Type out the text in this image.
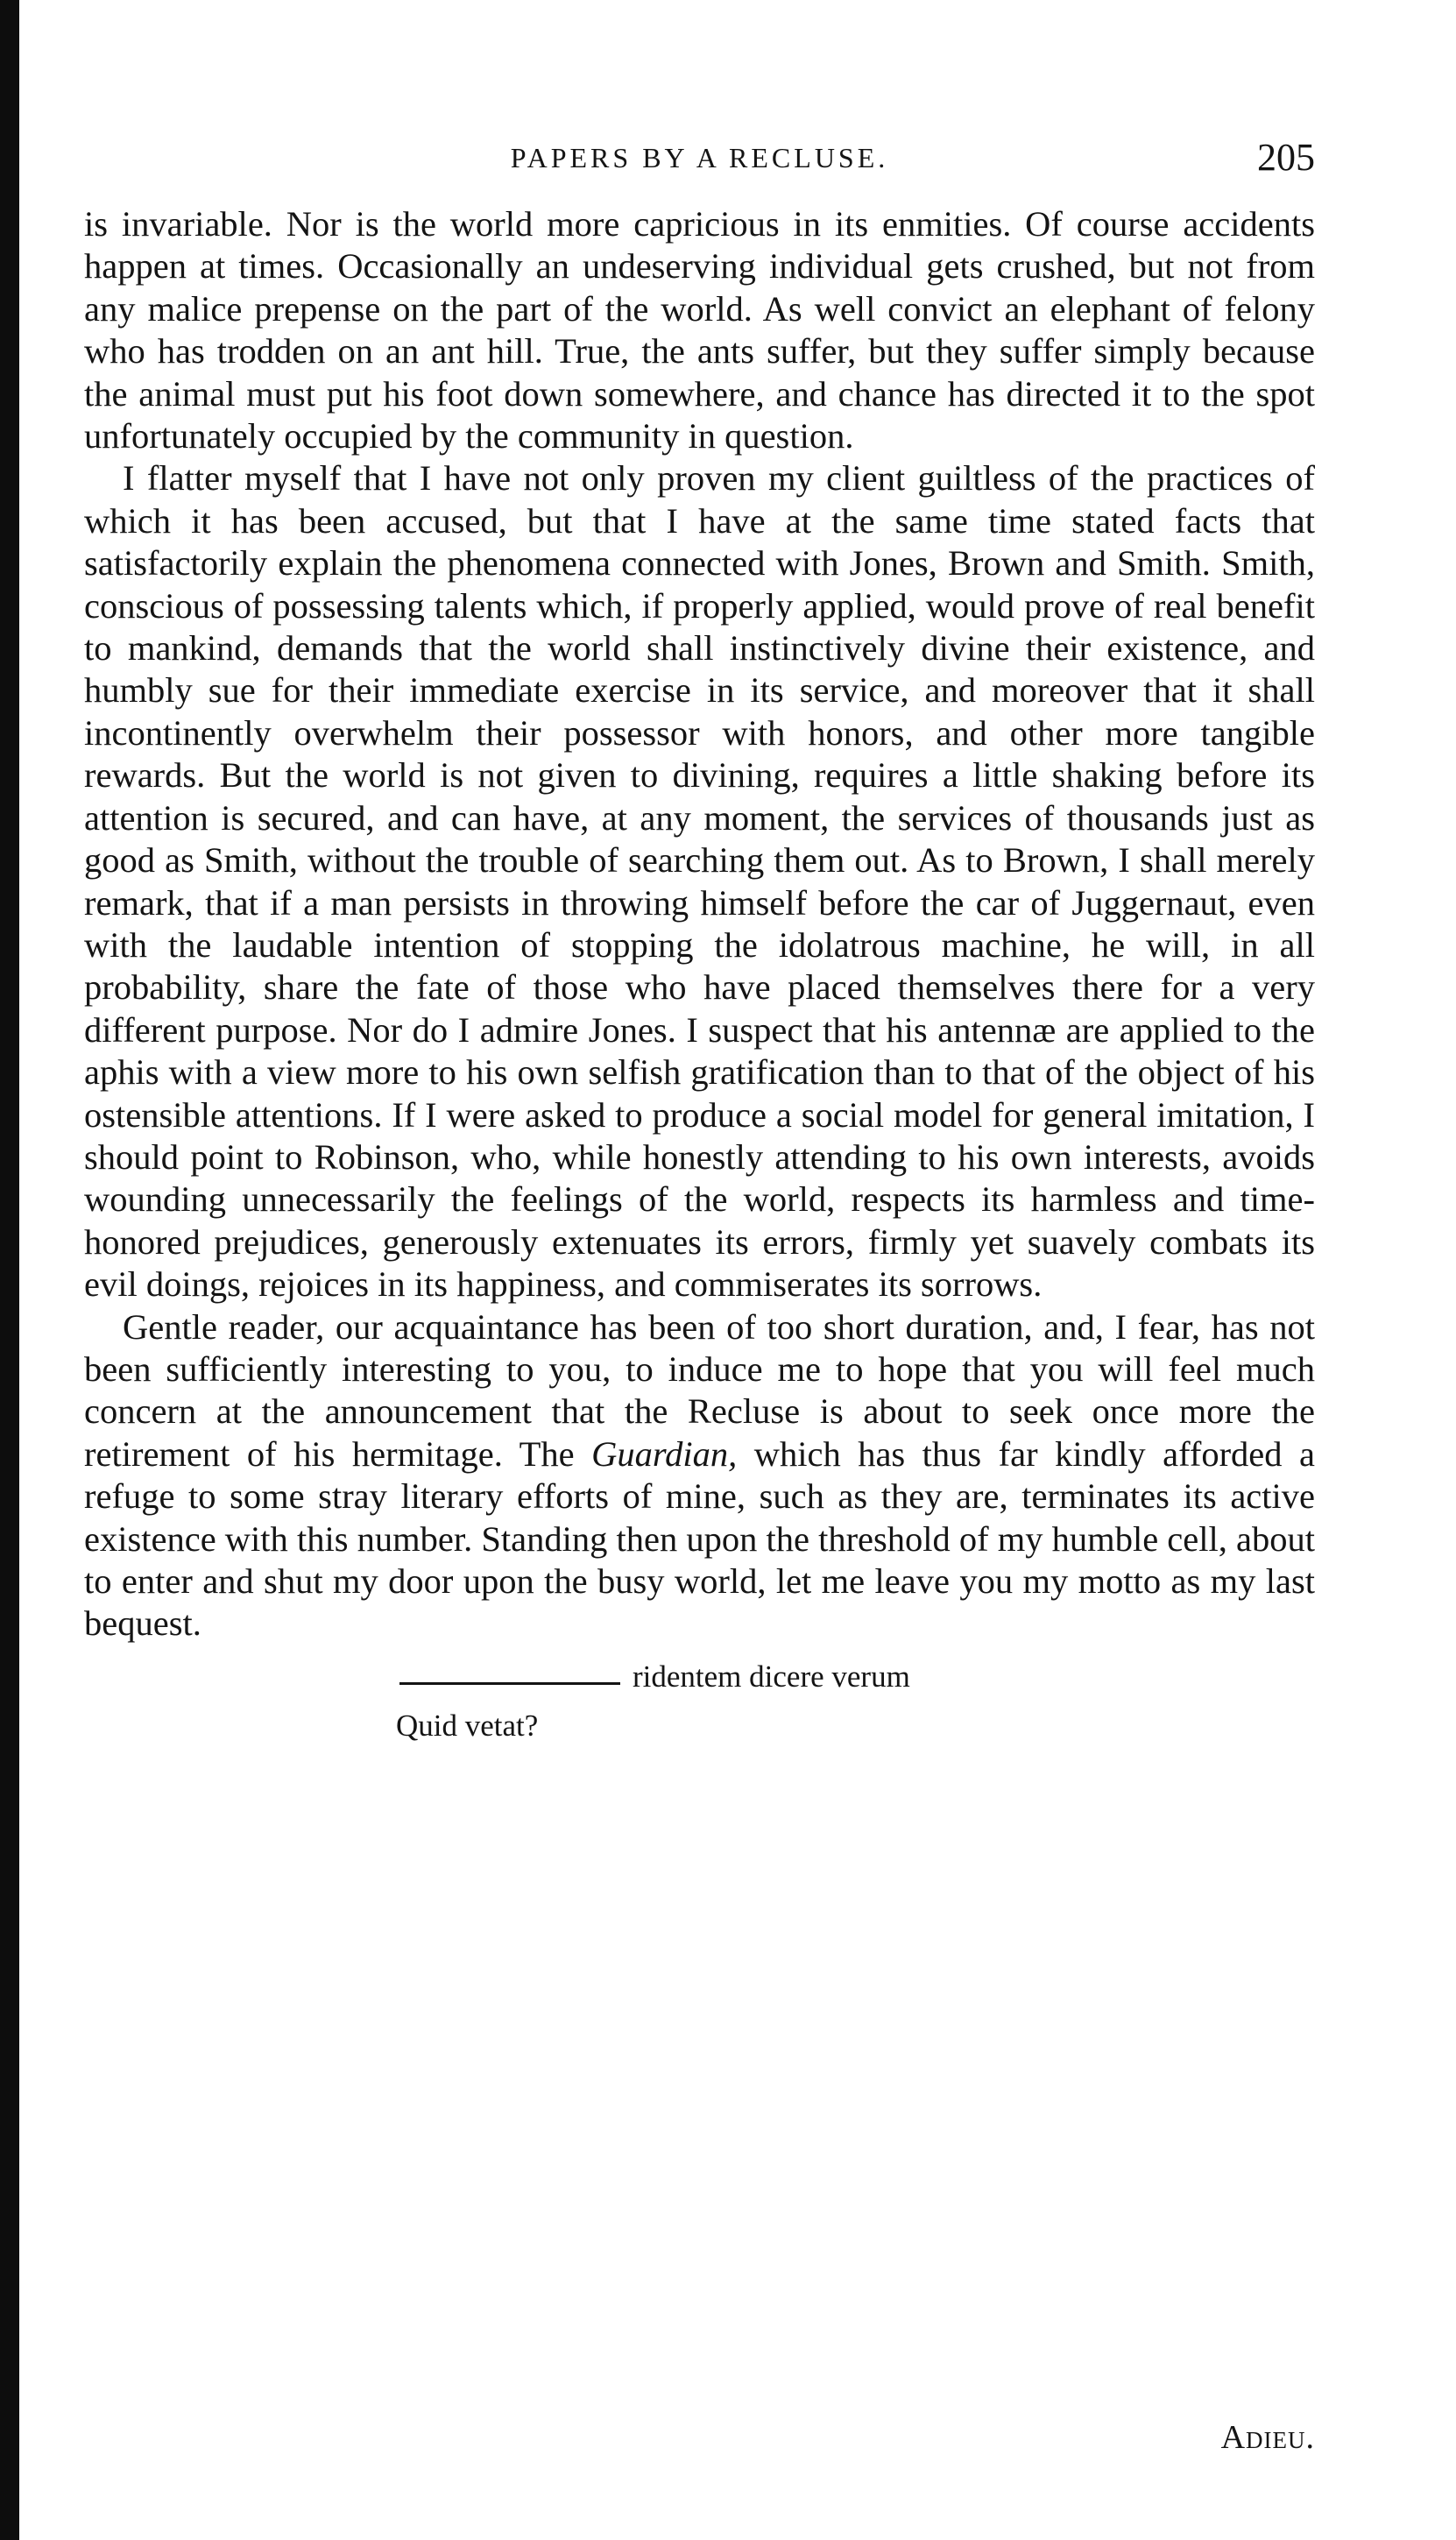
PAPERS BY A RECLUSE.	205

is invariable. Nor is the world more capricious in its enmities. Of course accidents happen at times. Occasionally an undeserving individual gets crushed, but not from any malice prepense on the part of the world. As well convict an elephant of felony who has trodden on an ant hill. True, the ants suffer, but they suffer simply because the animal must put his foot down somewhere, and chance has directed it to the spot unfortunately occupied by the community in question.

I flatter myself that I have not only proven my client guiltless of the practices of which it has been accused, but that I have at the same time stated facts that satisfactorily explain the phenomena connected with Jones, Brown and Smith. Smith, conscious of possessing talents which, if properly applied, would prove of real benefit to mankind, demands that the world shall instinctively divine their existence, and humbly sue for their immediate exercise in its service, and moreover that it shall incontinently overwhelm their possessor with honors, and other more tangible rewards. But the world is not given to divining, requires a little shaking before its attention is secured, and can have, at any moment, the services of thousands just as good as Smith, without the trouble of searching them out. As to Brown, I shall merely remark, that if a man persists in throwing himself before the car of Juggernaut, even with the laudable intention of stopping the idolatrous machine, he will, in all probability, share the fate of those who have placed themselves there for a very different purpose. Nor do I admire Jones. I suspect that his antennæ are applied to the aphis with a view more to his own selfish gratification than to that of the object of his ostensible attentions. If I were asked to produce a social model for general imitation, I should point to Robinson, who, while honestly attending to his own interests, avoids wounding unnecessarily the feelings of the world, respects its harmless and time-honored prejudices, generously extenuates its errors, firmly yet suavely combats its evil doings, rejoices in its happiness, and commiserates its sorrows.

Gentle reader, our acquaintance has been of too short duration, and, I fear, has not been sufficiently interesting to you, to induce me to hope that you will feel much concern at the announcement that the Recluse is about to seek once more the retirement of his hermitage. The Guardian, which has thus far kindly afforded a refuge to some stray literary efforts of mine, such as they are, terminates its active existence with this number. Standing then upon the threshold of my humble cell, about to enter and shut my door upon the busy world, let me leave you my motto as my last bequest.

ridentem dicere verum
Quid vetat?
Adieu.
